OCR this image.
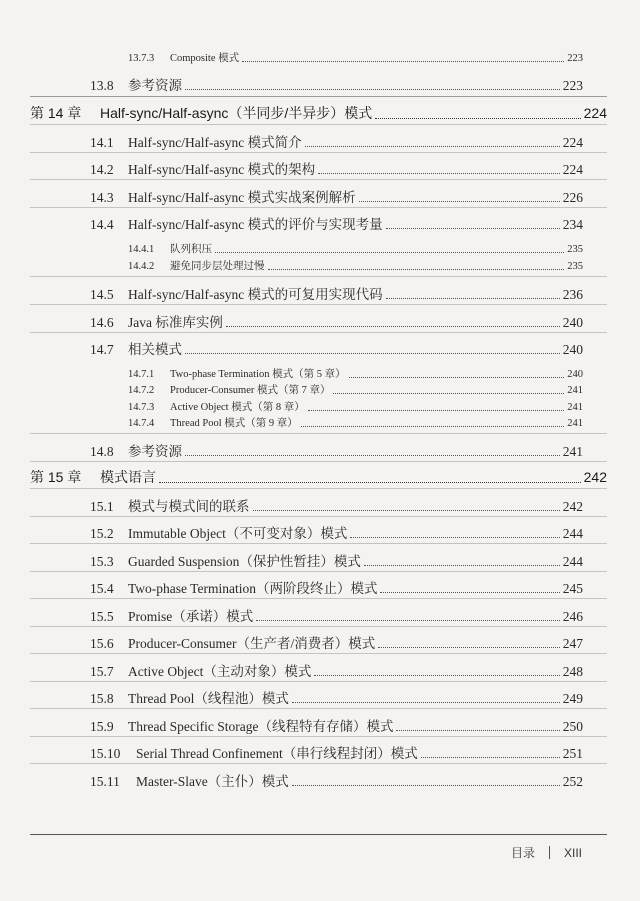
13.7.3	Composite 模式	223
13.8	参考资源	223
第 14 章	Half-sync/Half-async（半同步/半异步）模式	224
14.1	Half-sync/Half-async 模式简介	224
14.2	Half-sync/Half-async 模式的架构	224
14.3	Half-sync/Half-async 模式实战案例解析	226
14.4	Half-sync/Half-async 模式的评价与实现考量	234
14.4.1	队列积压	235
14.4.2	避免同步层处理过慢	235
14.5	Half-sync/Half-async 模式的可复用实现代码	236
14.6	Java 标准库实例	240
14.7	相关模式	240
14.7.1	Two-phase Termination 模式（第 5 章）	240
14.7.2	Producer-Consumer 模式（第 7 章）	241
14.7.3	Active Object 模式（第 8 章）	241
14.7.4	Thread Pool 模式（第 9 章）	241
14.8	参考资源	241
第 15 章	模式语言	242
15.1	模式与模式间的联系	242
15.2	Immutable Object（不可变对象）模式	244
15.3	Guarded Suspension（保护性暂挂）模式	244
15.4	Two-phase Termination（两阶段终止）模式	245
15.5	Promise（承诺）模式	246
15.6	Producer-Consumer（生产者/消费者）模式	247
15.7	Active Object（主动对象）模式	248
15.8	Thread Pool（线程池）模式	249
15.9	Thread Specific Storage（线程特有存储）模式	250
15.10	Serial Thread Confinement（串行线程封闭）模式	251
15.11	Master-Slave（主仆）模式	252
目录 XIII
